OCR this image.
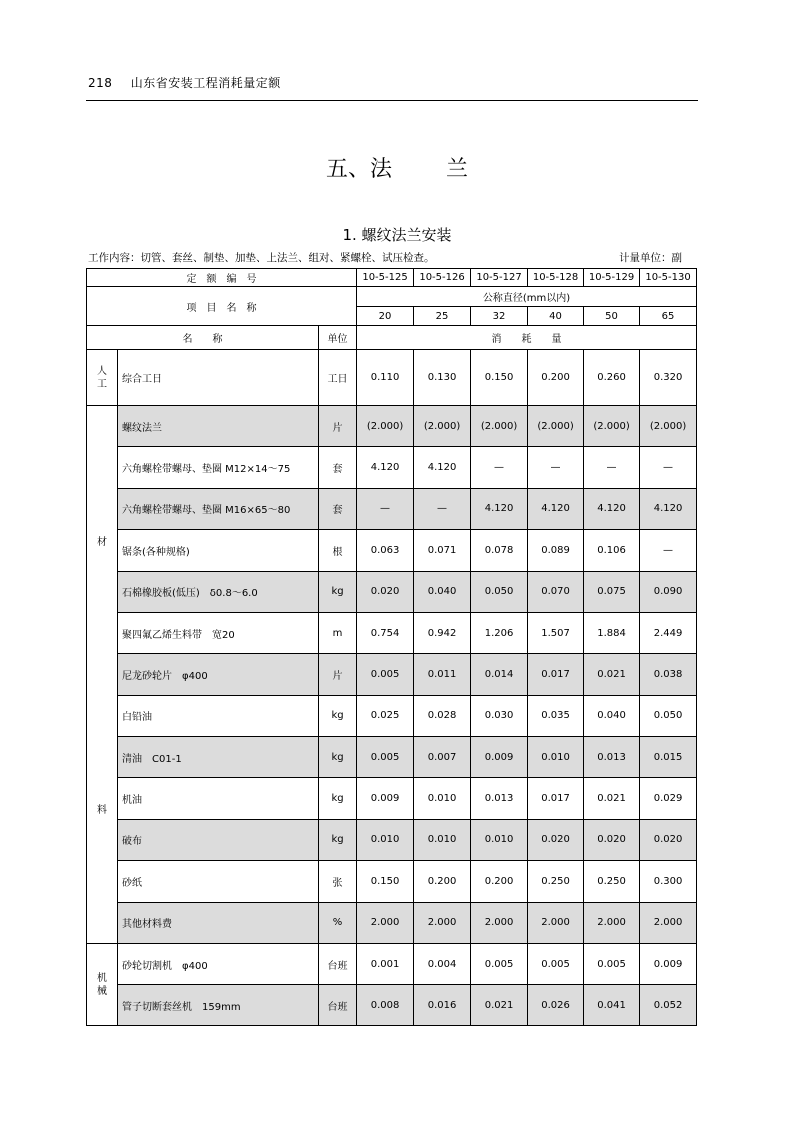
218 山东省安装工程消耗量定额
五、法 兰
1. 螺纹法兰安装
工作内容：切管、套丝、制垫、加垫、上法兰、组对、紧螺栓、试压检查。	计量单位：副
定　额　编　号			10-5-125	10-5-126	10-5-127	10-5-128	10-5-129	10-5-130
项　目　名　称			公称直径(mm以内)					
			20	25	32	40	50	65
名　　称		单位	消　　耗　　量					
人
工	综合工日	工日	0.110	0.130	0.150	0.200	0.260	0.320

材
料	螺纹法兰	片	(2.000)	(2.000)	(2.000)	(2.000)	(2.000)	(2.000)
	六角螺栓带螺母、垫圈 M12×14～75	套	4.120	4.120	—	—	—	—
	六角螺栓带螺母、垫圈 M16×65～80	套	—	—	4.120	4.120	4.120	4.120
	锯条(各种规格)	根	0.063	0.071	0.078	0.089	0.106	—
	石棉橡胶板(低压)　δ0.8～6.0	kg	0.020	0.040	0.050	0.070	0.075	0.090
	聚四氟乙烯生料带　宽20	m	0.754	0.942	1.206	1.507	1.884	2.449
	尼龙砂轮片　φ400	片	0.005	0.011	0.014	0.017	0.021	0.038
	白铅油	kg	0.025	0.028	0.030	0.035	0.040	0.050
	清油　C01-1	kg	0.005	0.007	0.009	0.010	0.013	0.015
	机油	kg	0.009	0.010	0.013	0.017	0.021	0.029
	破布	kg	0.010	0.010	0.010	0.020	0.020	0.020
	砂纸	张	0.150	0.200	0.200	0.250	0.250	0.300
	其他材料费	%	2.000	2.000	2.000	2.000	2.000	2.000
机
械	砂轮切割机　φ400	台班	0.001	0.004	0.005	0.005	0.005	0.009
	管子切断套丝机　159mm	台班	0.008	0.016	0.021	0.026	0.041	0.052
